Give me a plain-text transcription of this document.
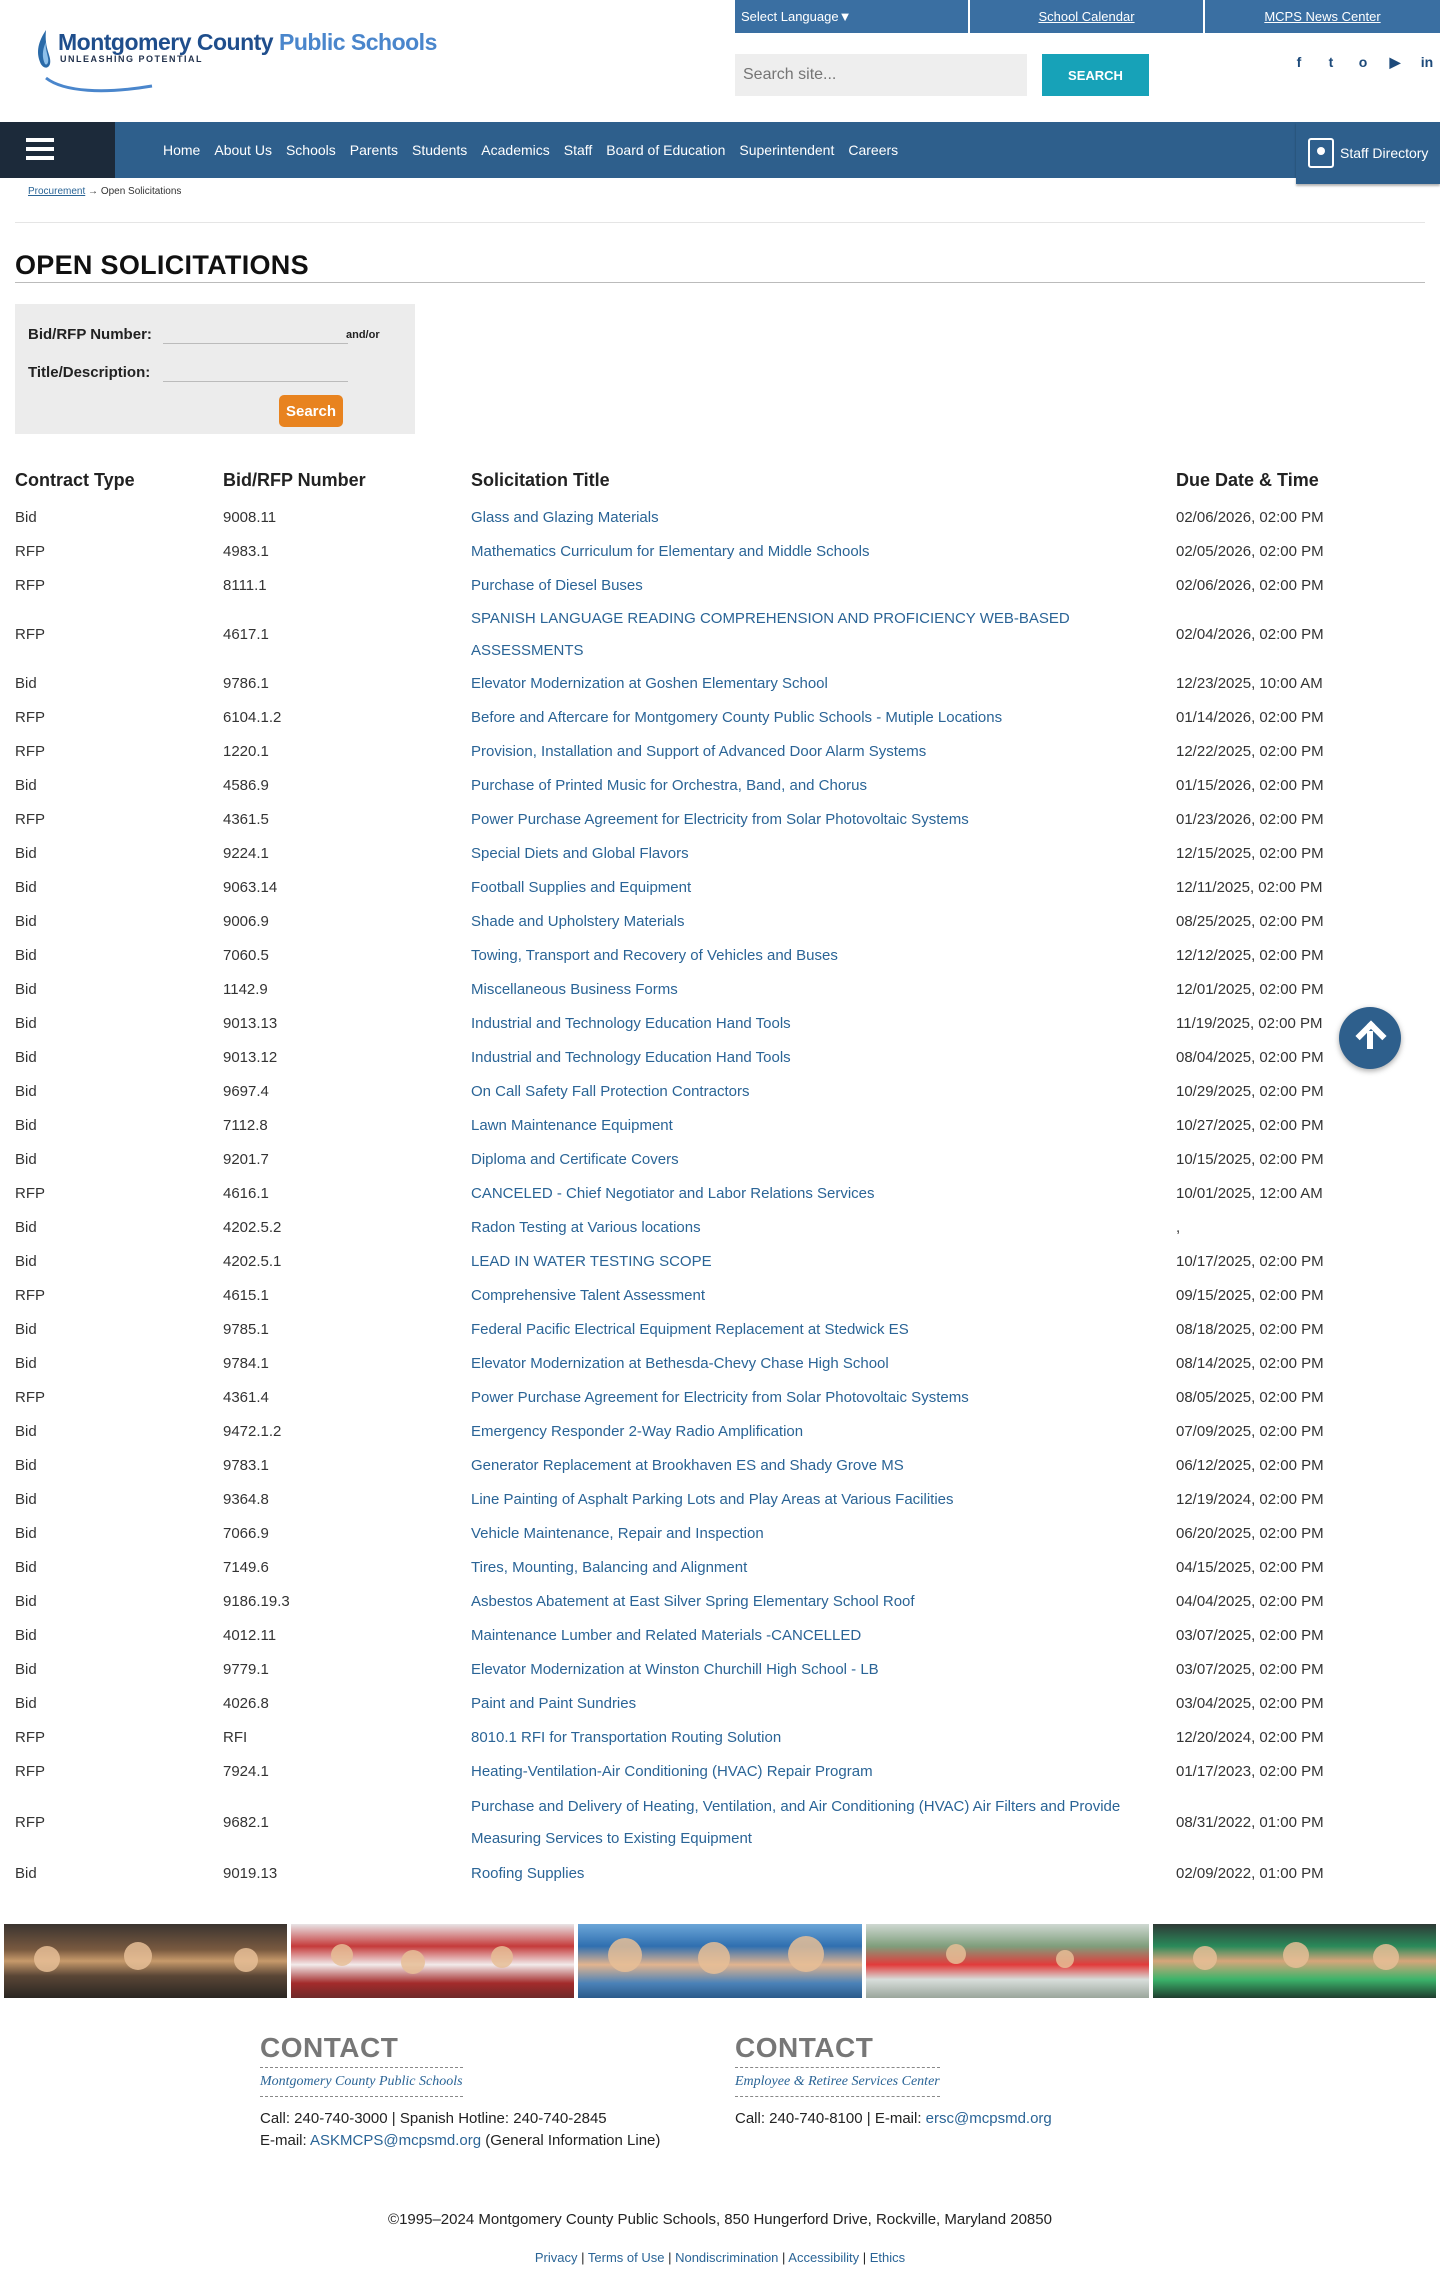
Montgomery County Public Schools
UNLEASHING POTENTIAL
Select Language▼	School Calendar	MCPS News Center
Search site...
SEARCH
f	t	o	▶ in
Home About Us Schools Parents Students Academics Staff Board of Education Superintendent Careers	Staff Directory
Procurement → Open Solicitations
OPEN SOLICITATIONS
Bid/RFP Number:	and/or
Title/Description:
Search
Contract Type	Bid/RFP Number	Solicitation Title	Due Date & Time
Bid	9008.11	Glass and Glazing Materials	02/06/2026, 02:00 PM
RFP	4983.1	Mathematics Curriculum for Elementary and Middle Schools	02/05/2026, 02:00 PM
RFP	8111.1	Purchase of Diesel Buses	02/06/2026, 02:00 PM
RFP	4617.1	SPANISH LANGUAGE READING COMPREHENSION AND PROFICIENCY WEB-BASED ASSESSMENTS	02/04/2026, 02:00 PM
Bid	9786.1	Elevator Modernization at Goshen Elementary School	12/23/2025, 10:00 AM
RFP	6104.1.2	Before and Aftercare for Montgomery County Public Schools - Mutiple Locations	01/14/2026, 02:00 PM
RFP	1220.1	Provision, Installation and Support of Advanced Door Alarm Systems	12/22/2025, 02:00 PM
Bid	4586.9	Purchase of Printed Music for Orchestra, Band, and Chorus	01/15/2026, 02:00 PM
RFP	4361.5	Power Purchase Agreement for Electricity from Solar Photovoltaic Systems	01/23/2026, 02:00 PM
Bid	9224.1	Special Diets and Global Flavors	12/15/2025, 02:00 PM
Bid	9063.14	Football Supplies and Equipment	12/11/2025, 02:00 PM
Bid	9006.9	Shade and Upholstery Materials	08/25/2025, 02:00 PM
Bid	7060.5	Towing, Transport and Recovery of Vehicles and Buses	12/12/2025, 02:00 PM
Bid	1142.9	Miscellaneous Business Forms	12/01/2025, 02:00 PM
Bid	9013.13	Industrial and Technology Education Hand Tools	11/19/2025, 02:00 PM
Bid	9013.12	Industrial and Technology Education Hand Tools	08/04/2025, 02:00 PM
Bid	9697.4	On Call Safety Fall Protection Contractors	10/29/2025, 02:00 PM
Bid	7112.8	Lawn Maintenance Equipment	10/27/2025, 02:00 PM
Bid	9201.7	Diploma and Certificate Covers	10/15/2025, 02:00 PM
RFP	4616.1	CANCELED - Chief Negotiator and Labor Relations Services	10/01/2025, 12:00 AM
Bid	4202.5.2	Radon Testing at Various locations	,
Bid	4202.5.1	LEAD IN WATER TESTING SCOPE	10/17/2025, 02:00 PM
RFP	4615.1	Comprehensive Talent Assessment	09/15/2025, 02:00 PM
Bid	9785.1	Federal Pacific Electrical Equipment Replacement at Stedwick ES	08/18/2025, 02:00 PM
Bid	9784.1	Elevator Modernization at Bethesda-Chevy Chase High School	08/14/2025, 02:00 PM
RFP	4361.4	Power Purchase Agreement for Electricity from Solar Photovoltaic Systems	08/05/2025, 02:00 PM
Bid	9472.1.2	Emergency Responder 2-Way Radio Amplification	07/09/2025, 02:00 PM
Bid	9783.1	Generator Replacement at Brookhaven ES and Shady Grove MS	06/12/2025, 02:00 PM
Bid	9364.8	Line Painting of Asphalt Parking Lots and Play Areas at Various Facilities	12/19/2024, 02:00 PM
Bid	7066.9	Vehicle Maintenance, Repair and Inspection	06/20/2025, 02:00 PM
Bid	7149.6	Tires, Mounting, Balancing and Alignment	04/15/2025, 02:00 PM
Bid	9186.19.3	Asbestos Abatement at East Silver Spring Elementary School Roof	04/04/2025, 02:00 PM
Bid	4012.11	Maintenance Lumber and Related Materials -CANCELLED	03/07/2025, 02:00 PM
Bid	9779.1	Elevator Modernization at Winston Churchill High School - LB	03/07/2025, 02:00 PM
Bid	4026.8	Paint and Paint Sundries	03/04/2025, 02:00 PM
RFP	RFI	8010.1 RFI for Transportation Routing Solution	12/20/2024, 02:00 PM
RFP	7924.1	Heating-Ventilation-Air Conditioning (HVAC) Repair Program	01/17/2023, 02:00 PM
RFP	9682.1	Purchase and Delivery of Heating, Ventilation, and Air Conditioning (HVAC) Air Filters and Provide Measuring Services to Existing Equipment	08/31/2022, 01:00 PM
Bid	9019.13	Roofing Supplies	02/09/2022, 01:00 PM
CONTACT
Montgomery County Public Schools

Call: 240-740-3000 | Spanish Hotline: 240-740-2845

E-mail: ASKMCPS@mcpsmd.org (General Information Line)

CONTACT
Employee & Retiree Services Center

Call: 240-740-8100 | E-mail: ersc@mcpsmd.org

©1995–2024 Montgomery County Public Schools, 850 Hungerford Drive, Rockville, Maryland 20850
Privacy | Terms of Use | Nondiscrimination | Accessibility | Ethics
